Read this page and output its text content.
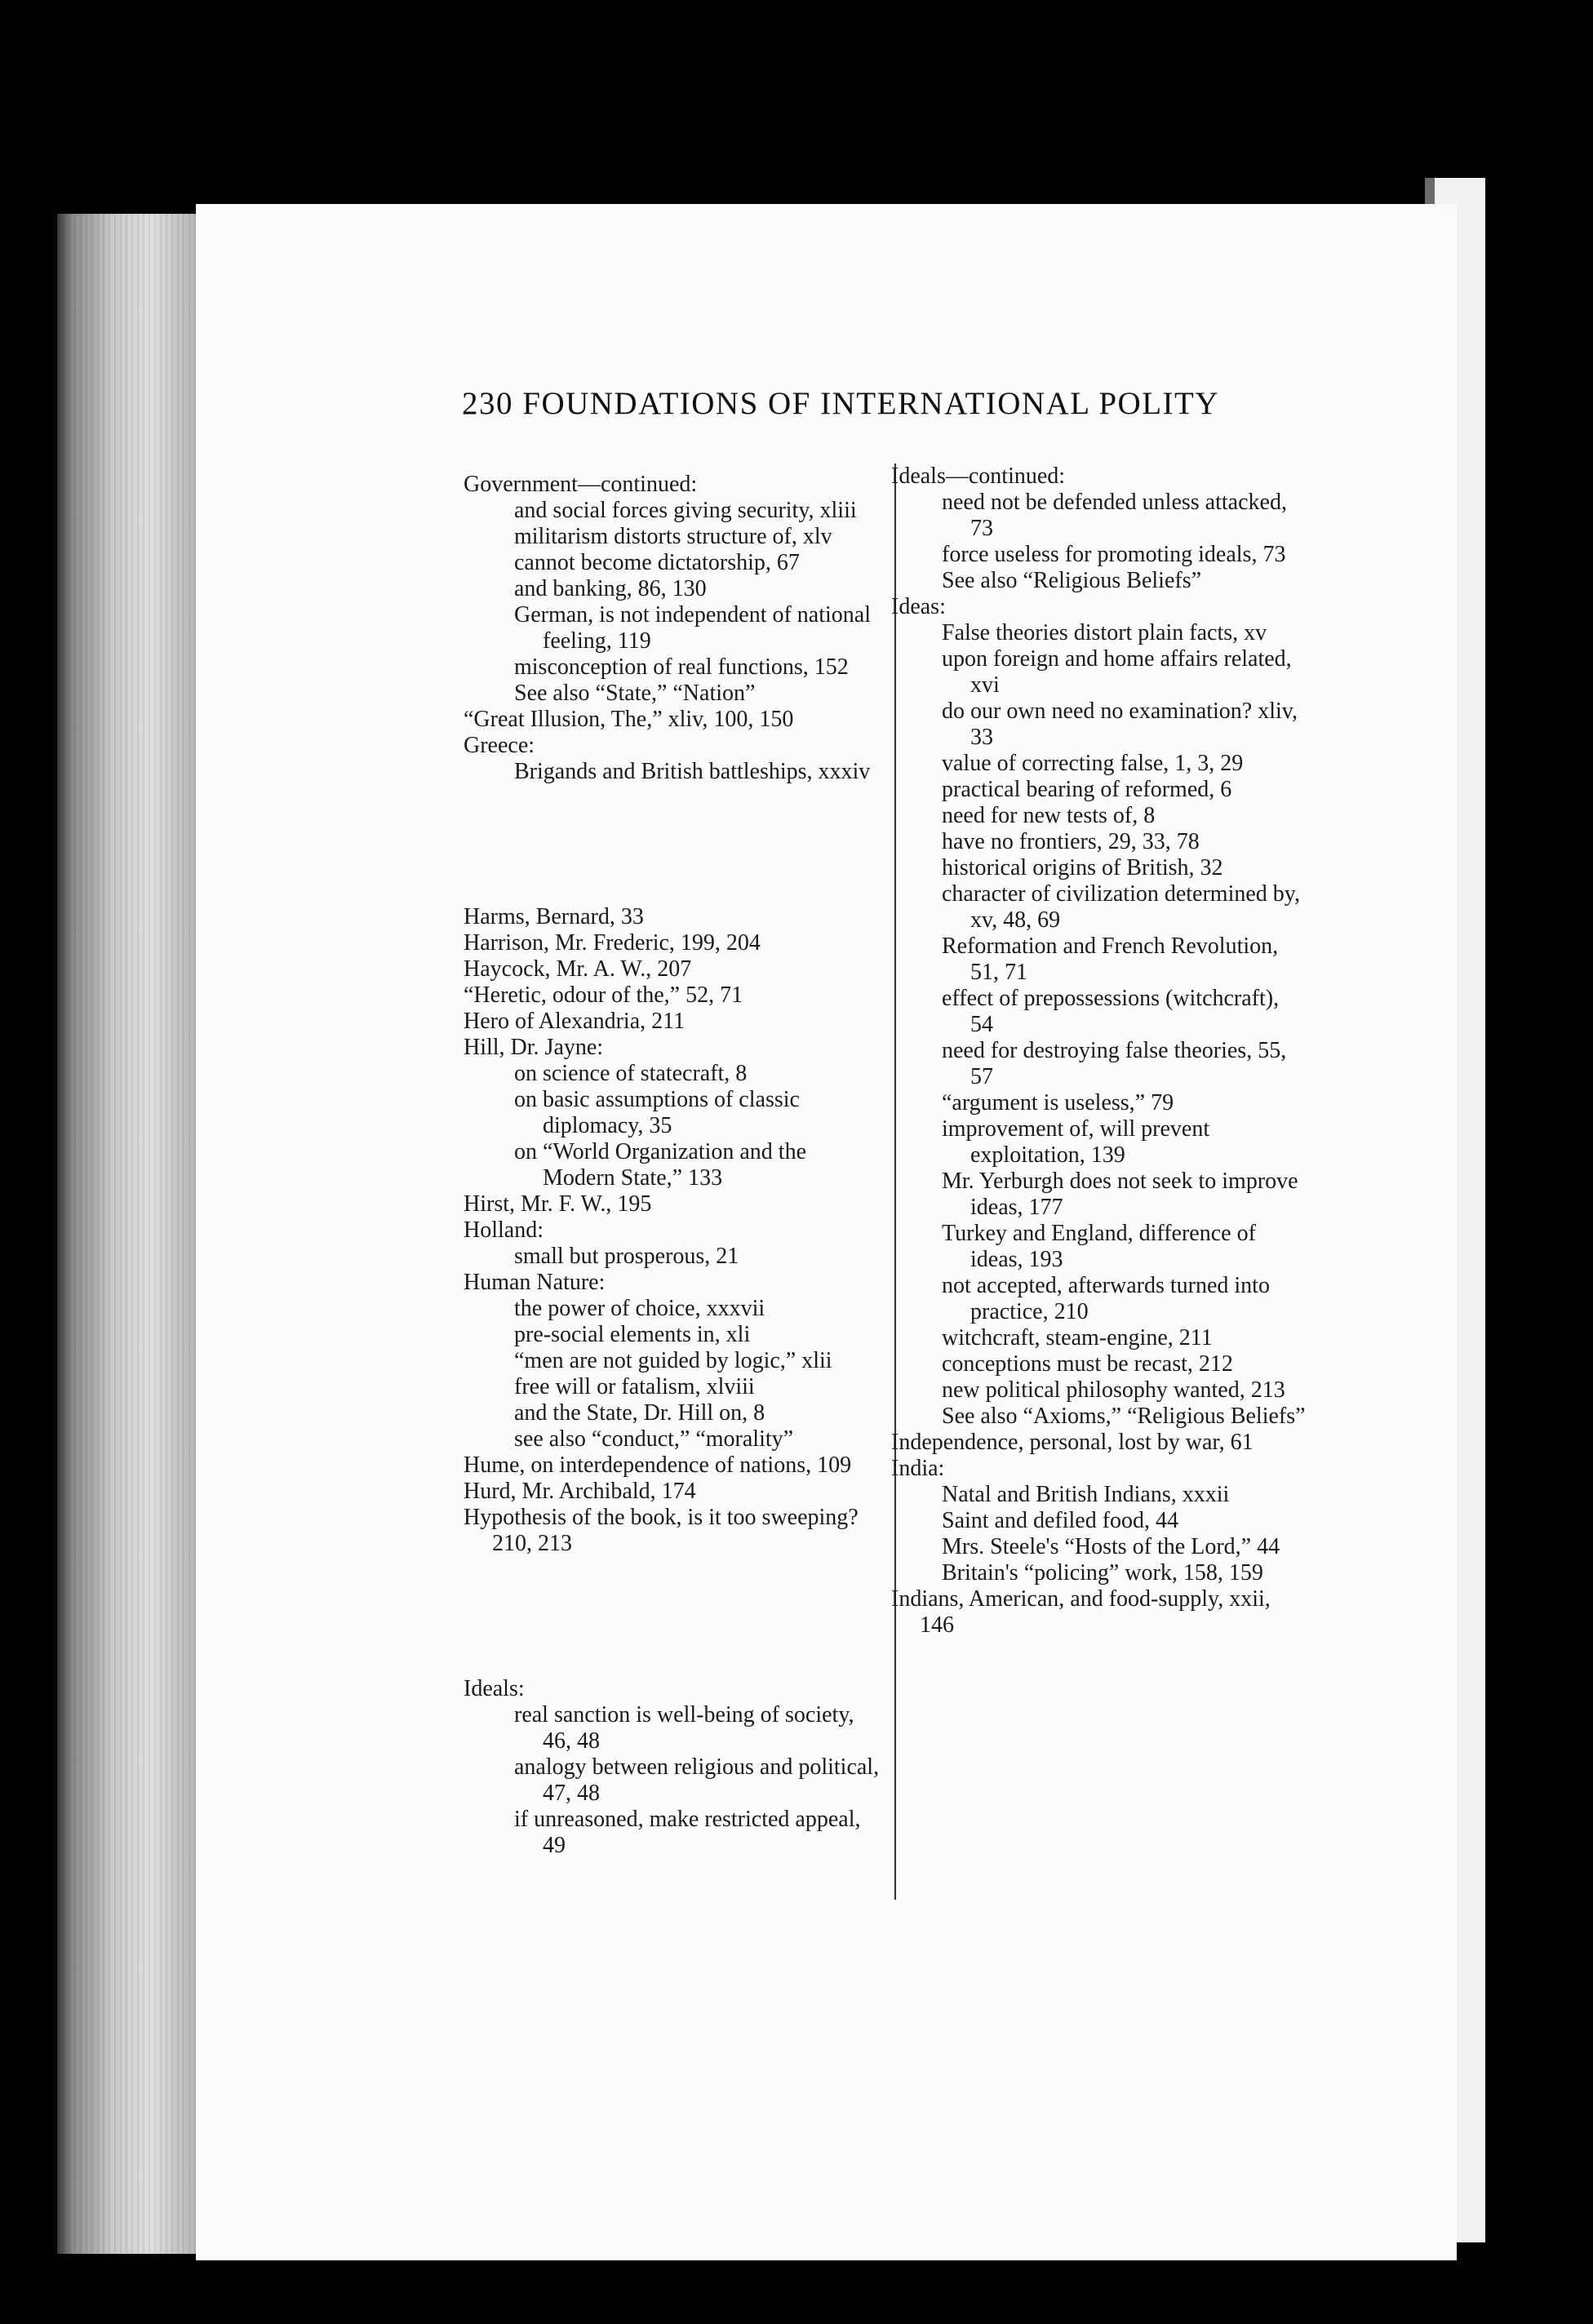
230 FOUNDATIONS OF INTERNATIONAL POLITY

Government—continued:

and social forces giving security, xliii

militarism distorts structure of, xlv

cannot become dictatorship, 67

and banking, 86, 130

German, is not independent of national feeling, 119

misconception of real functions, 152

See also “State,” “Nation”

“Great Illusion, The,” xliv, 100, 150

Greece:

Brigands and British battleships, xxxiv

Harms, Bernard, 33

Harrison, Mr. Frederic, 199, 204

Haycock, Mr. A. W., 207

“Heretic, odour of the,” 52, 71

Hero of Alexandria, 211

Hill, Dr. Jayne:

on science of statecraft, 8

on basic assumptions of classic diplomacy, 35

on “World Organization and the Modern State,” 133

Hirst, Mr. F. W., 195

Holland:

small but prosperous, 21

Human Nature:

the power of choice, xxxvii

pre-social elements in, xli

“men are not guided by logic,” xlii

free will or fatalism, xlviii

and the State, Dr. Hill on, 8

see also “conduct,” “morality”

Hume, on interdependence of nations, 109

Hurd, Mr. Archibald, 174

Hypothesis of the book, is it too sweeping? 210, 213

Ideals:

real sanction is well-being of society, 46, 48

analogy between religious and political, 47, 48

if unreasoned, make restricted appeal, 49

Ideals—continued:

need not be defended unless attacked, 73

force useless for promoting ideals, 73

See also “Religious Beliefs”

Ideas:

False theories distort plain facts, xv

upon foreign and home affairs related, xvi

do our own need no examination? xliv, 33

value of correcting false, 1, 3, 29

practical bearing of reformed, 6

need for new tests of, 8

have no frontiers, 29, 33, 78

historical origins of British, 32

character of civilization determined by, xv, 48, 69

Reformation and French Revolution, 51, 71

effect of prepossessions (witchcraft), 54

need for destroying false theories, 55, 57

“argument is useless,” 79

improvement of, will prevent exploitation, 139

Mr. Yerburgh does not seek to improve ideas, 177

Turkey and England, difference of ideas, 193

not accepted, afterwards turned into practice, 210

witchcraft, steam-engine, 211

conceptions must be recast, 212

new political philosophy wanted, 213

See also “Axioms,” “Religious Beliefs”

Independence, personal, lost by war, 61

India:

Natal and British Indians, xxxii

Saint and defiled food, 44

Mrs. Steele's “Hosts of the Lord,” 44

Britain's “policing” work, 158, 159

Indians, American, and food-supply, xxii, 146
